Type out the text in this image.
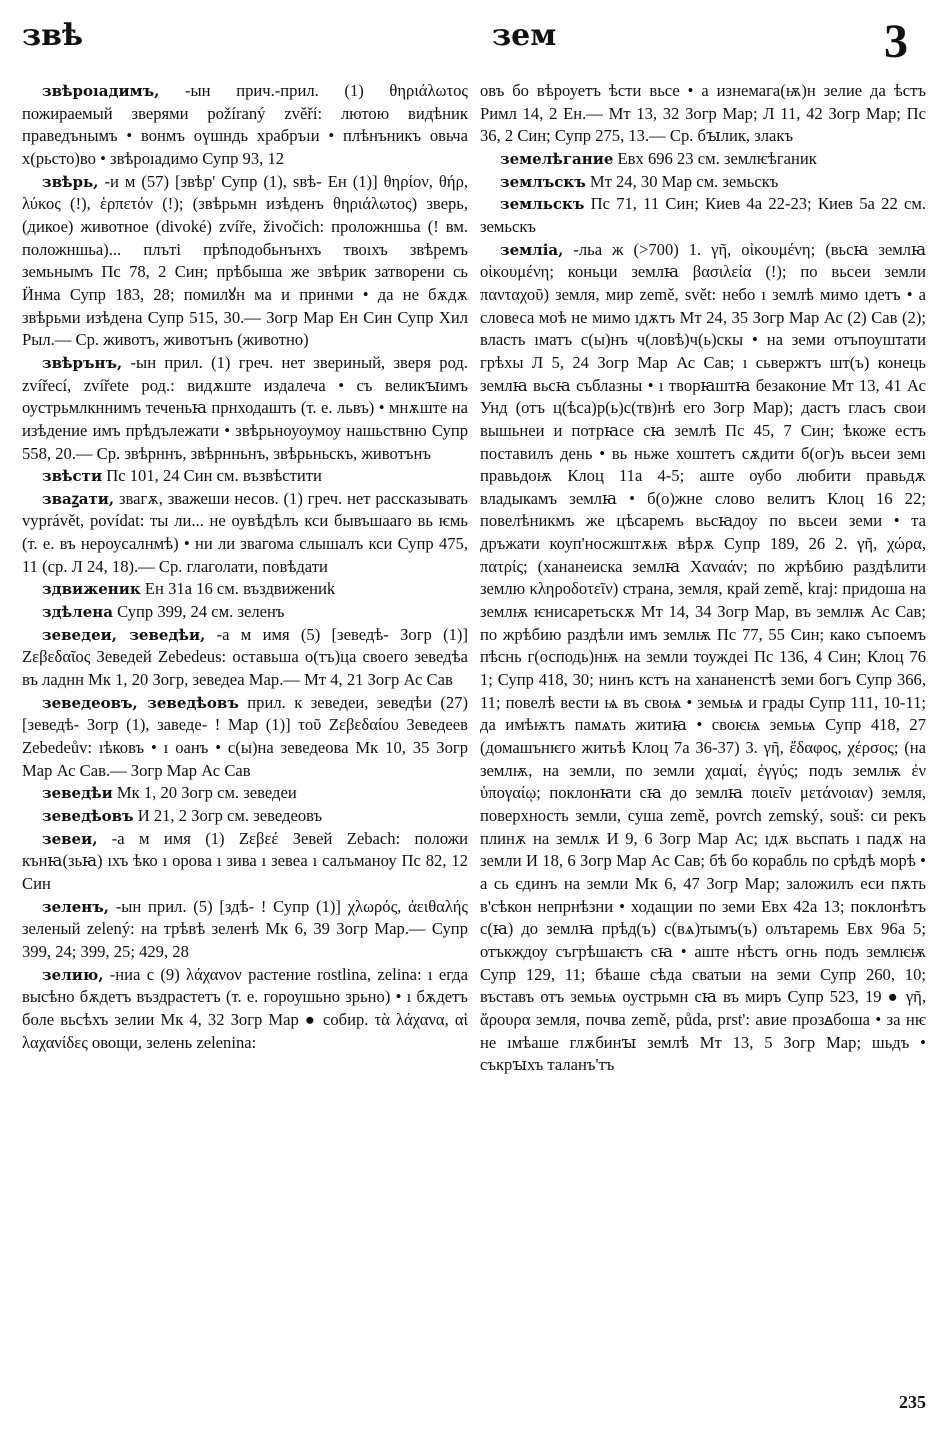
звѣ	зем	3

звѣроıадимъ, -ын прич.-прил. (1) θηριάλωτος пожираемый зверями požíraný zvěří: лютою видѣник праведънымъ • вонмъ оүшндь храбръıи • плѣнъникъ овьча х(рьсто)во • звѣроıадимо Супр 93, 12

звѣрь, -и м (57) [звѣр' Супр (1), ѕвѣ- Ен (1)] θηρίον, θήρ, λύκος (!), ἑρπετόν (!); (звѣрьмн изѣденъ θηριάλωτος) зверь, (дикое) животное (divoké) zvíře, živočich: проложншьа (! вм. положншьа)... плъті прѣподобьнънхъ твоıхъ звѣремъ земьнымъ Пс 78, 2 Син; прѣбыша же звѣрик затворени сь Ӥнма Супр 183, 28; помилꙋн ма и принми • да не бѫдѫ звѣрьми изѣдена Супр 515, 30.— Зогр Мар Ен Син Супр Хил Рыл.— Ср. животъ, животънъ (животно)

звѣрънъ, -ын прил. (1) греч. нет звериный, зверя род. zvířecí, zvířete род.: видѫште издалеча • съ великꙑимъ оустрьмлкннимъ теченьꙗ прнходашть (т. е. львъ) • мнѫште на изѣдение имъ прѣдълежати • звѣрьноуоумоу нашьствню Супр 558, 20.— Ср. звѣрннъ, звѣрнньнъ, звѣрьньскъ, животънъ

звѣсти Пс 101, 24 Син см. възвѣстити

зваꙁати, звагѫ, зважеши несов. (1) греч. нет рассказывать vyprávět, povídat: ты ли... не оувѣдѣлъ кси бывъшааго вь ѥмь (т. е. въ нероусалнмѣ) • ни ли звагома слышалъ кси Супр 475, 11 (ср. Л 24, 18).— Ср. глаголати, повѣдати

здвиженик Ен 31а 16 см. въздвижениk

здѣлена Супр 399, 24 см. зеленъ

зеведеи, зеведѣи, -а м имя (5) [зеведѣ- Зогр (1)] Ζεβεδαῖος Зеведей Zebedeus: оставьша о(тъ)ца своего зеведѣа въ ладнн Мк 1, 20 Зогр, зеведеа Мар.— Мт 4, 21 Зогр Ас Сав

зеведеовъ, зеведѣовъ прил. к зеведеи, зеведѣи (27) [зеведѣ- Зогр (1), заведе- ! Мар (1)] τοῦ Ζεβεδαίου Зеведеев Zebedeův: ıѣковъ • ı оанъ • с(ы)на зеведеова Мк 10, 35 Зогр Мар Ас Сав.— Зогр Мар Ас Сав

зеведѣи Мк 1, 20 Зогр см. зеведеи

зеведѣовъ И 21, 2 Зогр см. зеведеовъ

зевеи, -а м имя (1) Ζεβεέ Зевей Zebach: положи кънꙗ(зьꙗ) ıхъ ѣко ı орова ı зива ı зевеа ı салъманоу Пс 82, 12 Син

зеленъ, -ын прил. (5) [здѣ- ! Супр (1)] χλωρός, ἀειθαλής зеленый zelený: на трѣвѣ зеленѣ Мк 6, 39 Зогр Мар.— Супр 399, 24; 399, 25; 429, 28

зелию, -ниа с (9) λάχανον растение rostlina, zelina: ı егда высѣно бѫдетъ въздрастетъ (т. е. гороушьно зрьно) • ı бѫдетъ боле вьсѣхъ зелии Мк 4, 32 Зогр Мар ● собир. τὰ λάχανα, αἱ λαχανίδες овощи, зелень zelenina:

овъ бо вѣроуетъ ѣсти вьсе • а изнемага(ѭ)н зелие да ѣстъ Римл 14, 2 Ен.— Мт 13, 32 Зогр Мар; Л 11, 42 Зогр Мар; Пс 36, 2 Син; Супр 275, 13.— Ср. бꙑлик, злакъ

земелѣгание Евх 696 23 см. землѥѣганик

землъскъ Мт 24, 30 Мар см. земьскъ

земльскъ Пс 71, 11 Син; Киев 4а 22-23; Киев 5а 22 см. земьскъ

земліа, -льа ж (>700) 1. γῆ, οἰκουμένη; (вьсꙗ землꙗ οἰκουμένη; коньци землꙗ βασιλεία (!); по вьсеи земли πανταχοῦ) земля, мир země, svět: небо ı землѣ мимо ıдетъ • а словеса моѣ не мимо ıдѫтъ Мт 24, 35 Зогр Мар Ас (2) Сав (2); власть ıматъ с(ы)нъ ч(ловѣ)ч(ь)скы • на земи отъпоуштати грѣхы Л 5, 24 Зогр Мар Ас Сав; ı сьвержтъ шт(ъ) конець землꙗ вьсꙗ съблазны • ı творꙗштꙗ безаконие Мт 13, 41 Ас Унд (отъ ц(ѣса)р(ь)с(тв)нѣ его Зогр Мар); дастъ гласъ свои вышьнеи и потрꙗсе сꙗ землѣ Пс 45, 7 Син; ѣкоже естъ поставилъ день • вь ньже хоштетъ сѫдити б(ог)ъ вьсеи земı правьдоѭ Клоц 11а 4-5; аште оубо любити правьдѫ владыкамъ землꙗ • б(о)жне слово велитъ Клоц 16 22; повелѣникмъ же цѣсаремъ вьсꙗдоу по вьсеи земи • та дръжати коуп'носжштѫѭ вѣрѫ Супр 189, 26 2. γῆ, χώρα, πατρίς; (хананеиска землꙗ Χαναάν; по жрѣбию раздѣлити землю κληροδοτεῖν) страна, земля, край země, kraj: придоша на землѭ ѥнисаретьскѫ Мт 14, 34 Зогр Мар, въ землѭ Ас Сав; по жрѣбию раздѣли имъ землѭ Пс 77, 55 Син; како съпоемъ пѣснь г(осподь)нѭ на земли тоуждеі Пс 136, 4 Син; Клоц 76 1; Супр 418, 30; нинъ кстъ на хананенстѣ земи богъ Супр 366, 11; повелѣ вести ѩ въ своѩ • земьѩ и грады Супр 111, 10-11; да имѣѭтъ памѧть житиꙗ • своѥѩ земьѩ Супр 418, 27 (домашънѥго житьѣ Клоц 7а 36-37) 3. γῆ, ἔδαφος, χέρσος; (на землѭ, на земли, по земли χαμαί, ἐγγύς; подъ землѭ ἐν ὑπογαίῳ; поклонꙗти сꙗ до землꙗ ποιεῖν μετάνοιαν) земля, поверхность земли, суша země, povrch zemský, souš: си рекъ плинѫ на землѫ И 9, 6 Зогр Мар Ас; ıдѫ вьспать ı падѫ на земли И 18, 6 Зогр Мар Ас Сав; бѣ бо корабль по срѣдѣ морѣ • а сь єдинъ на земли Мк 6, 47 Зогр Мар; заложилъ еси пѫть в'сѣкон непрнѣзни • ходащии по земи Евх 42а 13; поклонѣтъ с(ꙗ) до землꙗ прѣд(ъ) с(вѧ)тымъ(ъ) олътаремь Евх 96а 5; отъкждоу съгрѣшаѥтъ сꙗ • аште нѣстъ огнь подъ землѥѭ Супр 129, 11; бѣаше сѣда сватыи на земи Супр 260, 10; въставъ отъ земьѩ оустрьмн сꙗ въ миръ Супр 523, 19 ● γῆ, ἄρουρα земля, почва země, půda, prst': авие прозꙙбоша • за нѥ не ıмѣаше глѫбинꙑ землѣ Мт 13, 5 Зогр Мар; шьдъ • съкрꙑхъ таланъ'тъ

235
